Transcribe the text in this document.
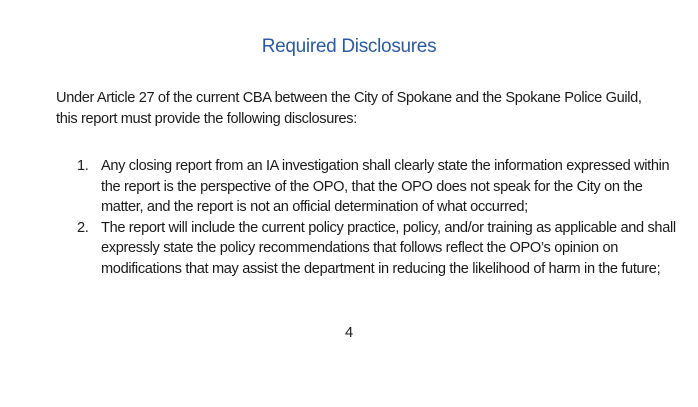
Required Disclosures
Under Article 27 of the current CBA between the City of Spokane and the Spokane Police Guild, this report must provide the following disclosures:
1. Any closing report from an IA investigation shall clearly state the information expressed within the report is the perspective of the OPO, that the OPO does not speak for the City on the matter, and the report is not an official determination of what occurred;
2. The report will include the current policy practice, policy, and/or training as applicable and shall expressly state the policy recommendations that follows reflect the OPO’s opinion on modifications that may assist the department in reducing the likelihood of harm in the future;
4
